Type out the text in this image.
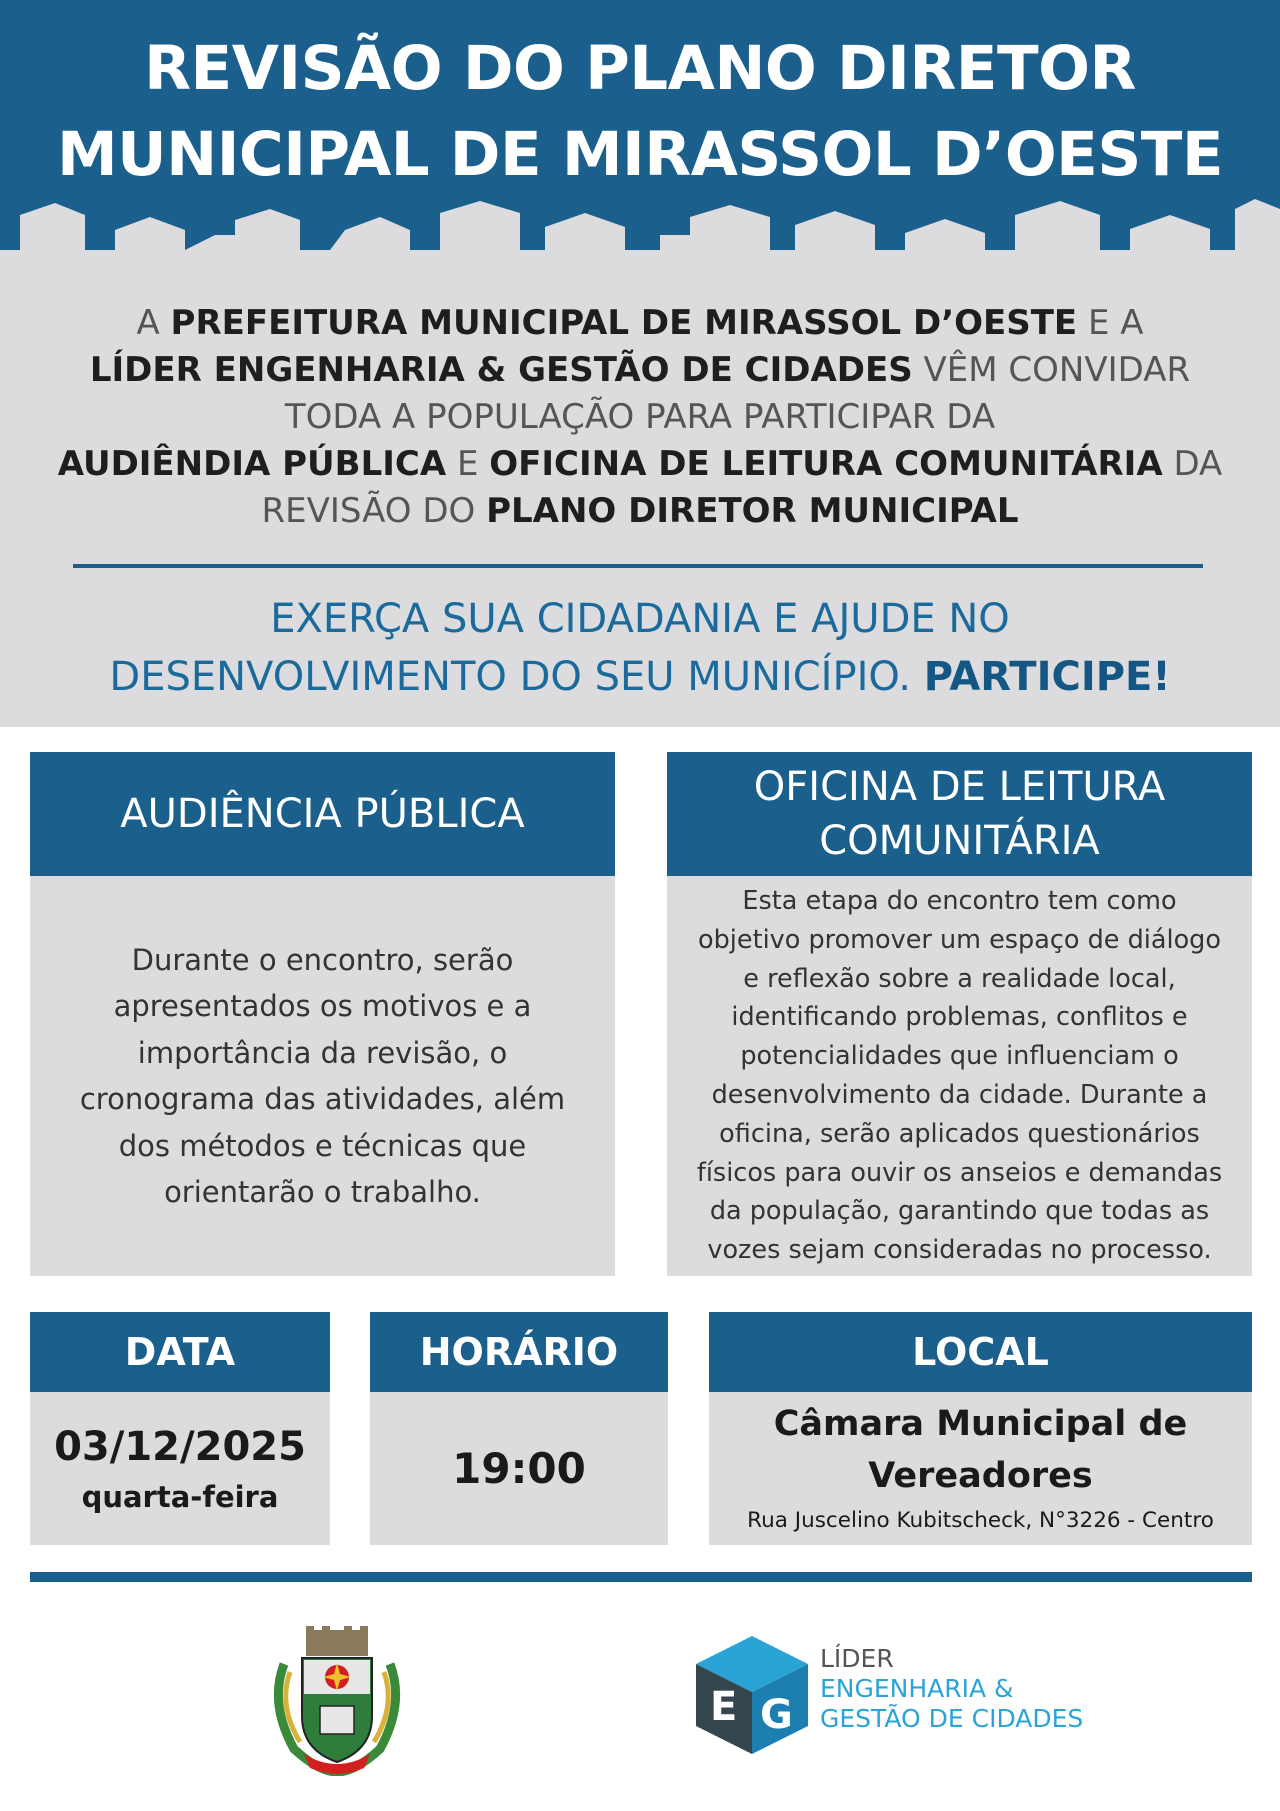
REVISÃO DO PLANO DIRETOR
MUNICIPAL DE MIRASSOL D’OESTE
A PREFEITURA MUNICIPAL DE MIRASSOL D’OESTE E A
LÍDER ENGENHARIA & GESTÃO DE CIDADES VÊM CONVIDAR
TODA A POPULAÇÃO PARA PARTICIPAR DA
AUDIÊNDIA PÚBLICA E OFICINA DE LEITURA COMUNITÁRIA DA
REVISÃO DO PLANO DIRETOR MUNICIPAL
EXERÇA SUA CIDADANIA E AJUDE NO
DESENVOLVIMENTO DO SEU MUNICÍPIO. PARTICIPE!
AUDIÊNCIA PÚBLICA
Durante o encontro, serão
apresentados os motivos e a
importância da revisão, o
cronograma das atividades, além
dos métodos e técnicas que
orientarão o trabalho.
OFICINA DE LEITURA
COMUNITÁRIA
Esta etapa do encontro tem como
objetivo promover um espaço de diálogo
e reflexão sobre a realidade local,
identificando problemas, conflitos e
potencialidades que influenciam o
desenvolvimento da cidade. Durante a
oficina, serão aplicados questionários
físicos para ouvir os anseios e demandas
da população, garantindo que todas as
vozes sejam consideradas no processo.
DATA
03/12/2025
quarta-feira
HORÁRIO
19:00
LOCAL
Câmara Municipal de
Vereadores
Rua Juscelino Kubitscheck, N°3226 - Centro
E G
LÍDER
ENGENHARIA &
GESTÃO DE CIDADES
